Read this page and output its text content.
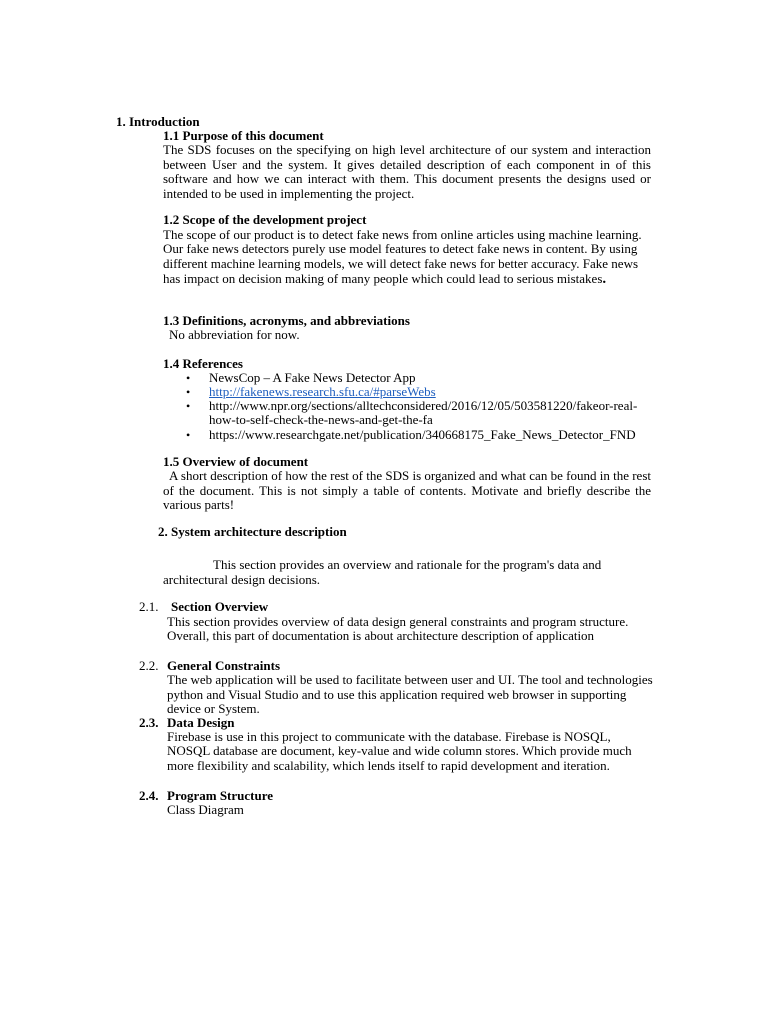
1. Introduction
1.1 Purpose of this document
The SDS focuses on the specifying on high level architecture of our system and interaction between User and the system. It gives detailed description of each component in of this software and how we can interact with them. This document presents the designs used or intended to be used in implementing the project.
1.2 Scope of the development project
The scope of our product is to detect fake news from online articles using machine learning.
Our fake news detectors purely use model features to detect fake news in content. By using
different machine learning models, we will detect fake news for better accuracy. Fake news
has impact on decision making of many people which could lead to serious mistakes.
1.3 Definitions, acronyms, and abbreviations
No abbreviation for now.
1.4 References
• NewsCop – A Fake News Detector App
• http://fakenews.research.sfu.ca/#parseWebs
• http://www.npr.org/sections/alltechconsidered/2016/12/05/503581220/fakeor-real-
how-to-self-check-the-news-and-get-the-fa
• https://www.researchgate.net/publication/340668175_Fake_News_Detector_FND
1.5 Overview of document
A short description of how the rest of the SDS is organized and what can be found in the rest of the document. This is not simply a table of contents. Motivate and briefly describe the various parts!
2. System architecture description
This section provides an overview and rationale for the program's data and
architectural design decisions.
2.1. Section Overview
This section provides overview of data design general constraints and program structure.
Overall, this part of documentation is about architecture description of application
2.2. General Constraints
The web application will be used to facilitate between user and UI. The tool and technologies
python and Visual Studio and to use this application required web browser in supporting
device or System.
2.3. Data Design
Firebase is use in this project to communicate with the database. Firebase is NOSQL,
NOSQL database are document, key-value and wide column stores. Which provide much
more flexibility and scalability, which lends itself to rapid development and iteration.
2.4. Program Structure
Class Diagram
